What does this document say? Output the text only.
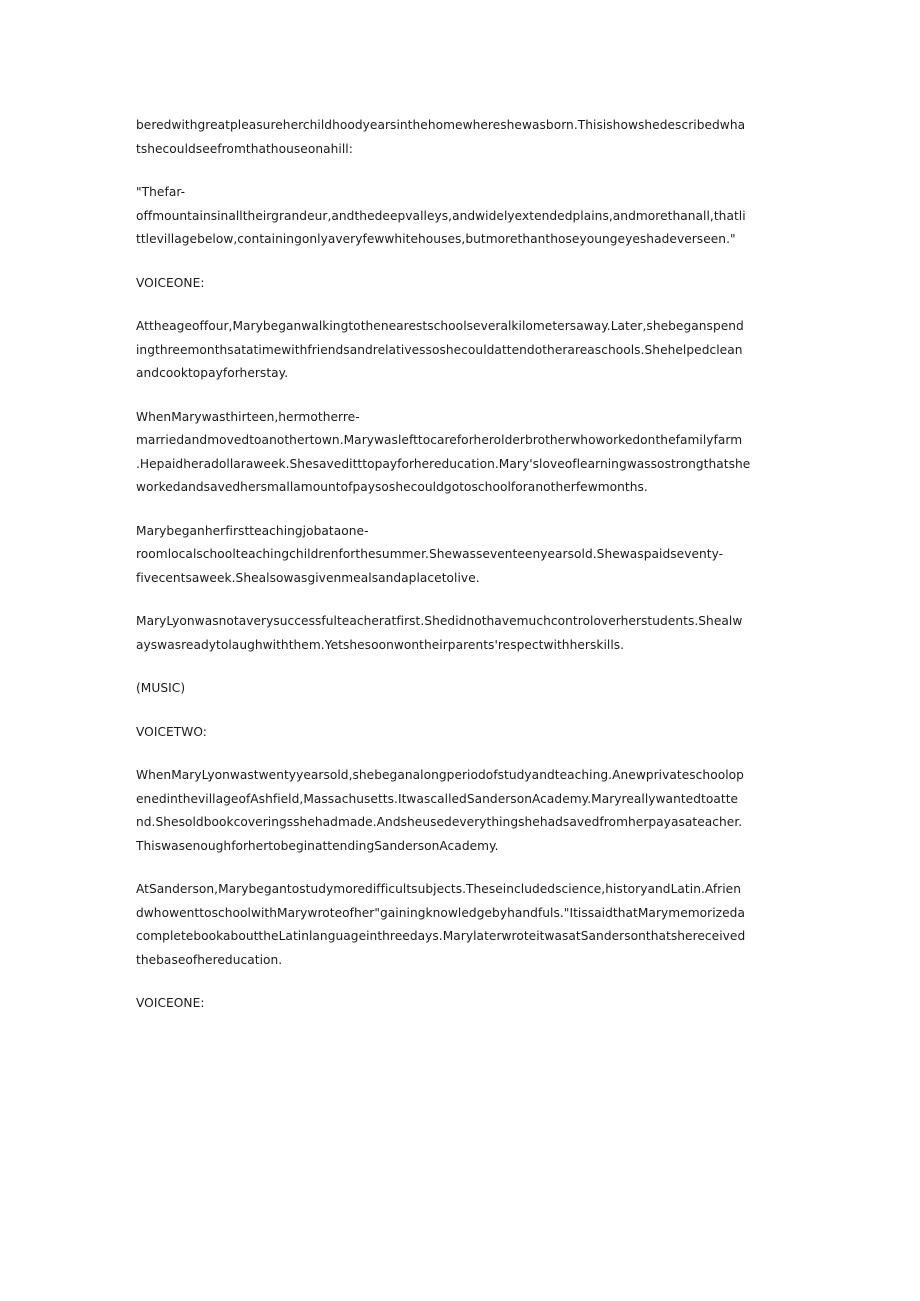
beredwithgreatpleasureherchildhoodyearsinthehomewhereshewasborn.Thisishowshedescribedwha
tshecouldseefromthathouseonahill:

"Thefar-
offmountainsinalltheirgrandeur,andthedeepvalleys,andwidelyextendedplains,andmorethanall,thatli
ttlevillagebelow,containingonlyaveryfewwhitehouses,butmorethanthoseyoungeyeshadeverseen."

VOICEONE:

Attheageoffour,Marybeganwalkingtothenearestschoolseveralkilometersaway.Later,shebeganspend
ingthreemonthsatatimewithfriendsandrelativessoshecouldattendotherareaschools.Shehelpedclean
andcooktopayforherstay.

WhenMarywasthirteen,hermotherre-
marriedandmovedtoanothertown.Marywaslefttocareforherolderbrotherwhoworkedonthefamilyfarm
.Hepaidheradollaraweek.Shesaveditttopayforhereducation.Mary'sloveoflearningwassostrongthatshe
workedandsavedhersmallamountofpaysoshecouldgotoschoolforanotherfewmonths.

Marybeganherfirstteachingjobataone-
roomlocalschoolteachingchildrenforthesummer.Shewasseventeenyearsold.Shewaspaidseventy-
fivecentsaweek.Shealsowasgivenmealsandaplacetolive.

MaryLyonwasnotaverysuccessfulteacheratfirst.Shedidnothavemuchcontroloverherstudents.Shealw
ayswasreadytolaughwiththem.Yetshesoonwontheirparents'respectwithherskills.

(MUSIC)

VOICETWO:

WhenMaryLyonwastwentyyearsold,shebeganalongperiodofstudyandteaching.Anewprivateschoolop
enedinthevillageofAshfield,Massachusetts.ItwascalledSandersonAcademy.Maryreallywantedtoatte
nd.Shesoldbookcoveringsshehadmade.Andsheusedeverythingshehadsavedfromherpayasateacher.
ThiswasenoughforhertobeginattendingSandersonAcademy.

AtSanderson,Marybegantostudymoredifficultsubjects.Theseincludedscience,historyandLatin.Afrien
dwhowenttoschoolwithMarywroteofher"gainingknowledgebyhandfuls."ItissaidthatMarymemorizeda
completebookabouttheLatinlanguageinthreedays.MarylaterwroteitwasatSandersonthatshereceived
thebaseofhereducation.

VOICEONE:
